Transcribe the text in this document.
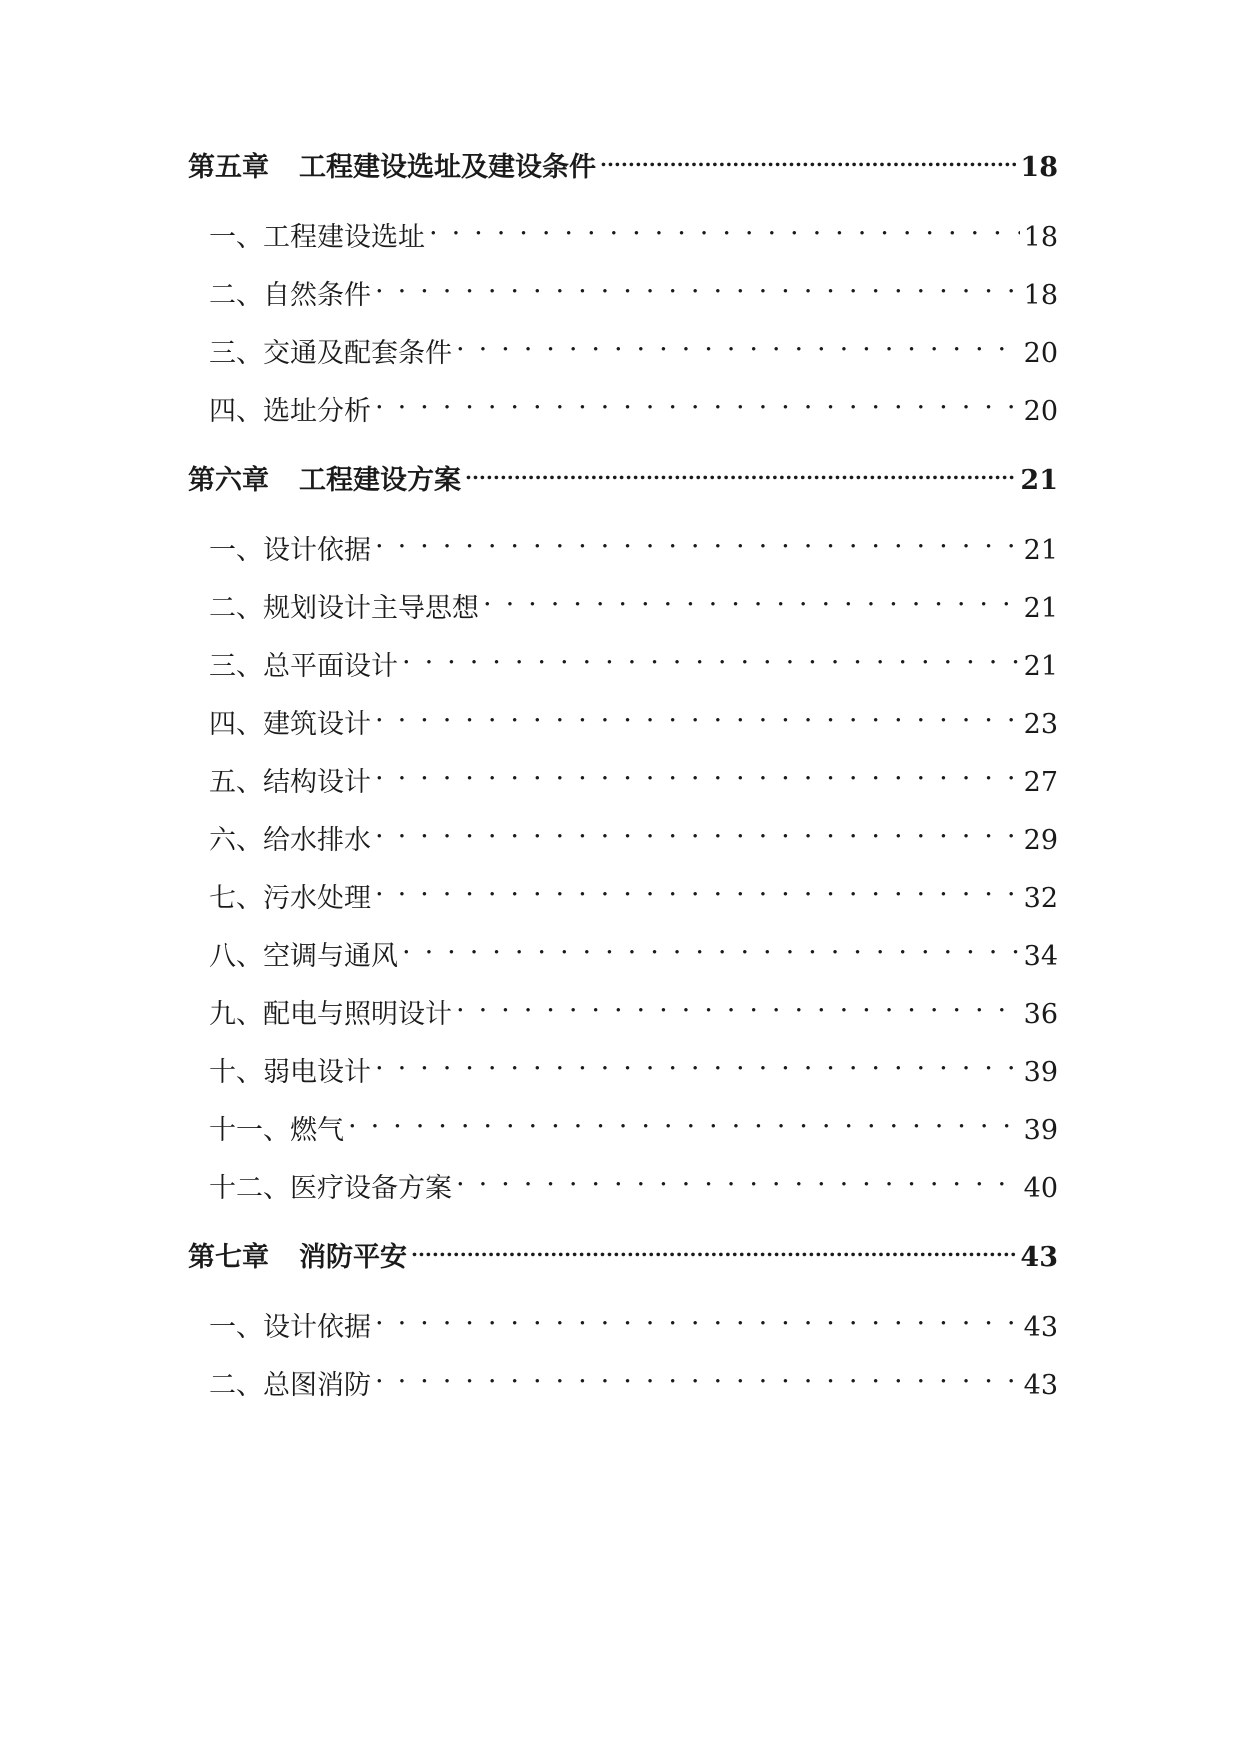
第五章 工程建设选址及建设条件 .....	18
一、工程建设选址 . . .	18
二、自然条件 . . .	18
三、交通及配套条件 . . .	20
四、选址分析 . . .	20
第六章 工程建设方案 .....	21
一、设计依据 . . .	21
二、规划设计主导思想 . . .	21
三、总平面设计 . . .	21
四、建筑设计 . . .	23
五、结构设计 . . .	27
六、给水排水 . . .	29
七、污水处理 . . .	32
八、空调与通风 . . .	34
九、配电与照明设计 . . .	36
十、弱电设计 . . .	39
十一、燃气 . . .	39
十二、医疗设备方案 . . .	40
第七章 消防平安 .....	43
一、设计依据 . . .	43
二、总图消防 . . .	43
